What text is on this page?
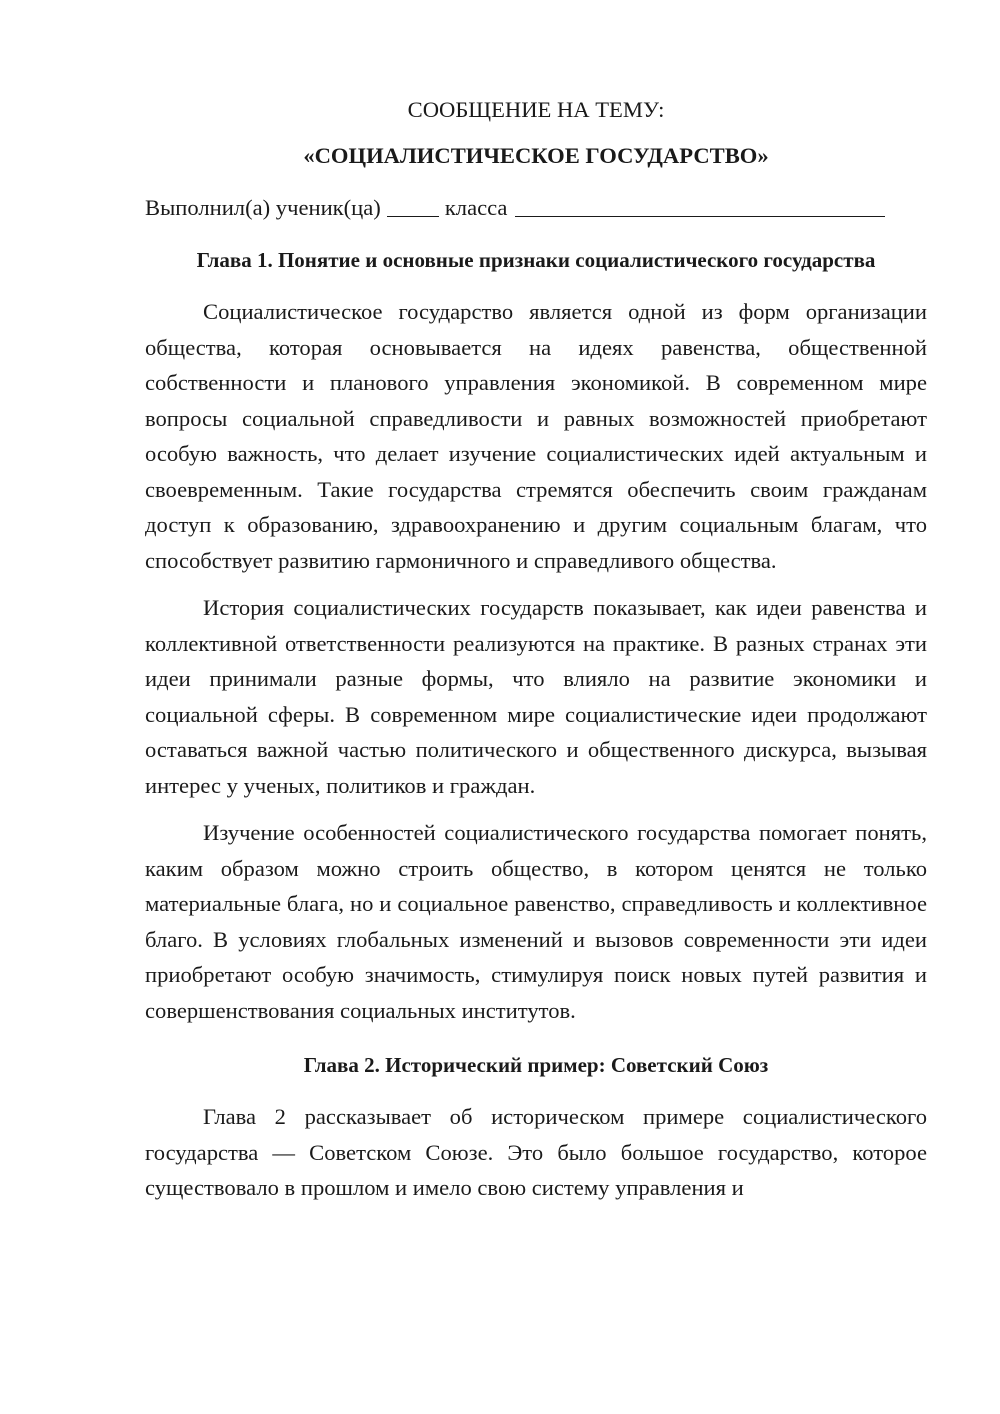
СООБЩЕНИЕ НА ТЕМУ:

«СОЦИАЛИСТИЧЕСКОЕ ГОСУДАРСТВО»

Выполнил(а) ученик(ца)	класса

Глава 1. Понятие и основные признаки социалистического государства

Социалистическое государство является одной из форм организации общества, которая основывается на идеях равенства, общественной собственности и планового управления экономикой. В современном мире вопросы социальной справедливости и равных возможностей приобретают особую важность, что делает изучение социалистических идей актуальным и своевременным. Такие государства стремятся обеспечить своим гражданам доступ к образованию, здравоохранению и другим социальным благам, что способствует развитию гармоничного и справедливого общества.

История социалистических государств показывает, как идеи равенства и коллективной ответственности реализуются на практике. В разных странах эти идеи принимали разные формы, что влияло на развитие экономики и социальной сферы. В современном мире социалистические идеи продолжают оставаться важной частью политического и общественного дискурса, вызывая интерес у ученых, политиков и граждан.

Изучение особенностей социалистического государства помогает понять, каким образом можно строить общество, в котором ценятся не только материальные блага, но и социальное равенство, справедливость и коллективное благо. В условиях глобальных изменений и вызовов современности эти идеи приобретают особую значимость, стимулируя поиск новых путей развития и совершенствования социальных институтов.

Глава 2. Исторический пример: Советский Союз

Глава 2 рассказывает об историческом примере социалистического государства — Советском Союзе. Это было большое государство, которое существовало в прошлом и имело свою систему управления и
